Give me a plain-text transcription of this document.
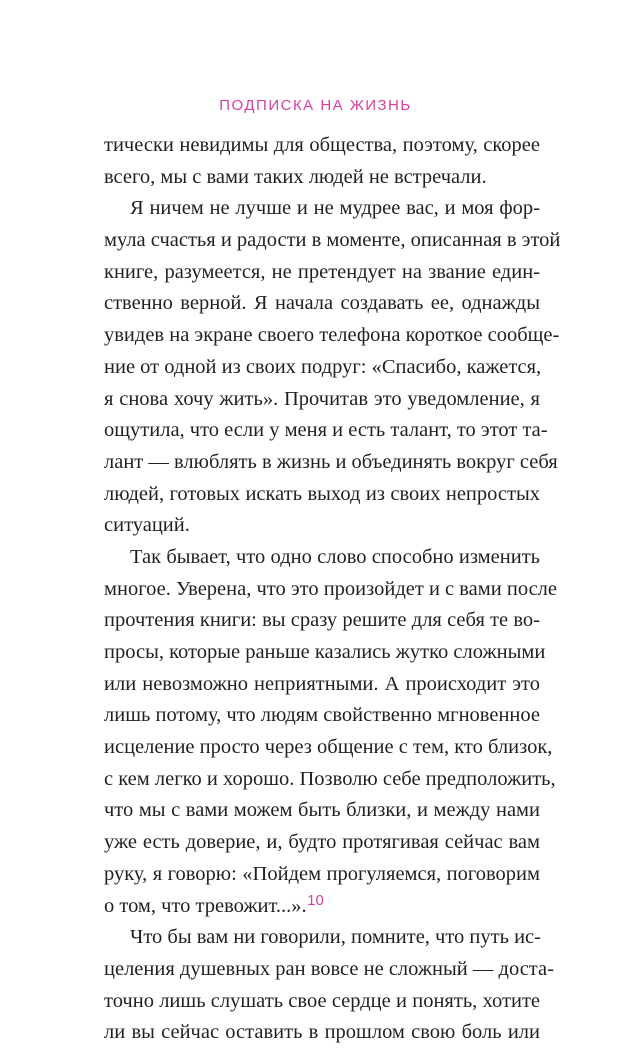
ПОДПИСКА НА ЖИЗНЬ
тически невидимы для общества, поэтому, скорее
всего, мы с вами таких людей не встречали.
Я ничем не лучше и не мудрее вас, и моя фор-
мула счастья и радости в моменте, описанная в этой
книге, разумеется, не претендует на звание един-
ственно верной. Я начала создавать ее, однажды
увидев на экране своего телефона короткое сообще-
ние от одной из своих подруг: «Спасибо, кажется,
я снова хочу жить». Прочитав это уведомление, я
ощутила, что если у меня и есть талант, то этот та-
лант — влюблять в жизнь и объединять вокруг себя
людей, готовых искать выход из своих непростых
ситуаций.
Так бывает, что одно слово способно изменить
многое. Уверена, что это произойдет и с вами после
прочтения книги: вы сразу решите для себя те во-
просы, которые раньше казались жутко сложными
или невозможно неприятными. А происходит это
лишь потому, что людям свойственно мгновенное
исцеление просто через общение с тем, кто близок,
с кем легко и хорошо. Позволю себе предположить,
что мы с вами можем быть близки, и между нами
уже есть доверие, и, будто протягивая сейчас вам
руку, я говорю: «Пойдем прогуляемся, поговорим
о том, что тревожит...».
Что бы вам ни говорили, помните, что путь ис-
целения душевных ран вовсе не сложный — доста-
точно лишь слушать свое сердце и понять, хотите
ли вы сейчас оставить в прошлом свою боль или
10
